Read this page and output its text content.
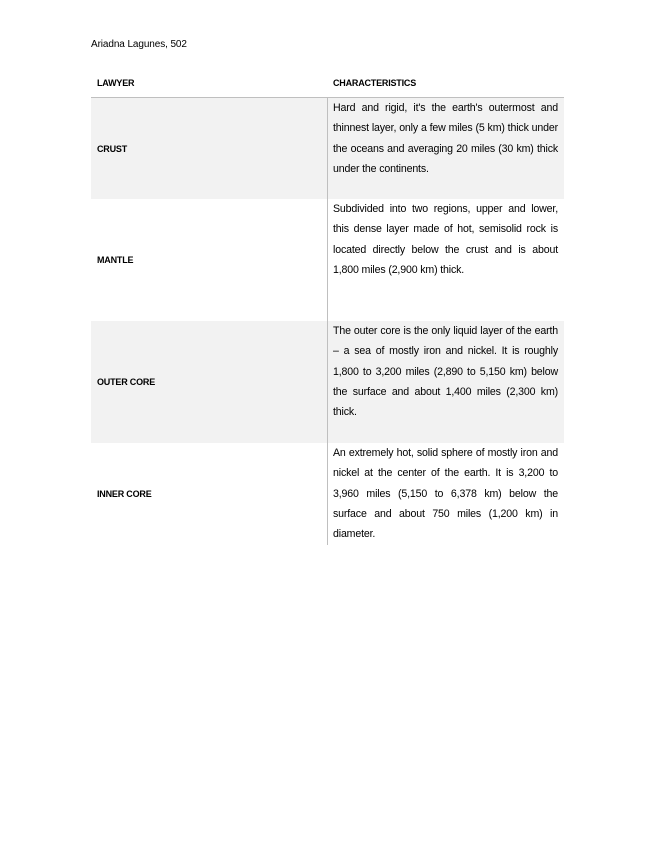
Ariadna Lagunes, 502
LAWYER	CHARACTERISTICS
CRUST
Hard and rigid, it's the earth's outermost and thinnest layer, only a few miles (5 km) thick under the oceans and averaging 20 miles (30 km) thick under the continents.
MANTLE
Subdivided into two regions, upper and lower, this dense layer made of hot, semisolid rock is located directly below the crust and is about 1,800 miles (2,900 km) thick.
OUTER CORE
The outer core is the only liquid layer of the earth – a sea of mostly iron and nickel. It is roughly 1,800 to 3,200 miles (2,890 to 5,150 km) below the surface and about 1,400 miles (2,300 km) thick.
INNER CORE
An extremely hot, solid sphere of mostly iron and nickel at the center of the earth. It is 3,200 to 3,960 miles (5,150 to 6,378 km) below the surface and about 750 miles (1,200 km) in diameter.
